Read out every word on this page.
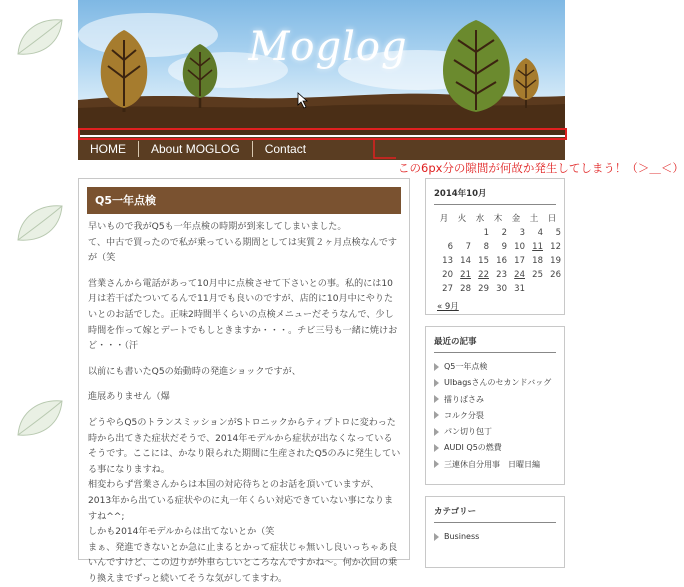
Moglog
HOME	About MOGLOG	Contact
この6px分の隙間が何故か発生してしまう！（＞＿＜）
Q5一年点検

早いもので我がQ5も一年点検の時期が到来してしまいました。
て、中古で買ったので私が乗っている期間としては実質２ヶ月点検なんですが（笑

営業さんから電話があって10月中に点検させて下さいとの事。私的には10月は若干ばたついてるんで11月でも良いのですが、店的に10月中にやりたいとのお話でした。正味2時間半くらいの点検メニューだそうなんで、少し時間を作って嫁とデートでもしときますか・・・。チビ三号も一緒に焼けおど・・・（汗

以前にも書いたQ5の始動時の発進ショックですが、

進展ありません（爆

どうやらQ5のトランスミッションがSトロニックからティプトロに変わった時から出てきた症状だそうで、2014年モデルから症状が出なくなっているそうです。ここには、かなり限られた期間に生産されたQ5のみに発生している事になりますね。
相変わらず営業さんからは本国の対応待ちとのお話を頂いていますが、
2013年から出ている症状やのに丸一年くらい対応できていない事になりますね^^;
しかも2014年モデルからは出てないとか（笑
まぁ、発進できないとか急に止まるとかって症状じゃ無いし良いっちゃあ良いんですけど、この辺りが外車らしいところなんですかね〜。何か次回の乗り換えまでずっと続いてそうな気がしてますわ。

2014年10月
月	火	水	木	金	土	日
		1	2	3	4	5
6	7	8	9	10	11	12
13	14	15	16	17	18	19
20	21	22	23	24	25	26
27	28	29	30	31		
« 9月
最近の記事
Q5一年点検
UIbagsさんのセカンドバッグ
擂りばさみ
コルク分裂
パン切り包丁
AUDI Q5の燃費
三連休自分用事　日曜日編
カテゴリー
Business
